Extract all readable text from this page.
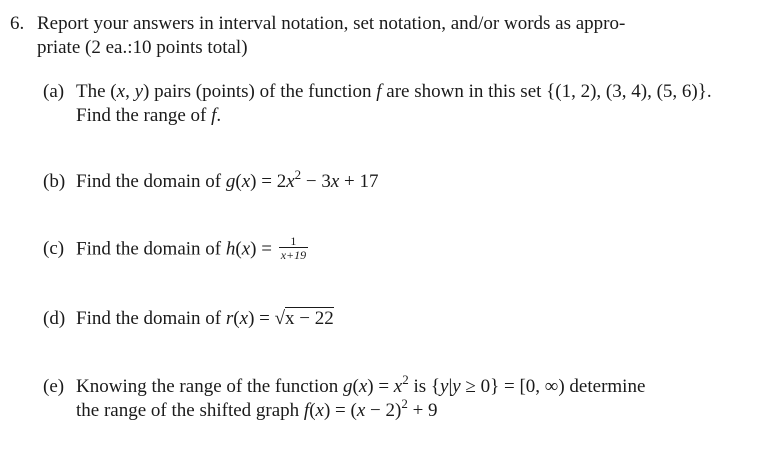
6. Report your answers in interval notation, set notation, and/or words as appro-
priate (2 ea.:10 points total)
(a) The (x, y) pairs (points) of the function f are shown in this set {(1, 2), (3, 4), (5, 6)}.
Find the range of f.
(b) Find the domain of $g(x) = 2x^2 - 3x + 17$
(c) Find the domain of $h(x) = \frac{1}{x+19}$
(d) Find the domain of r(x) = √x − 22
(e) Knowing the range of the function $g(x) = x^2$ is {y|y ≥ 0} = [0, ∞) determine
the range of the shifted graph $f(x) = (x - 2)^2 + 9$
